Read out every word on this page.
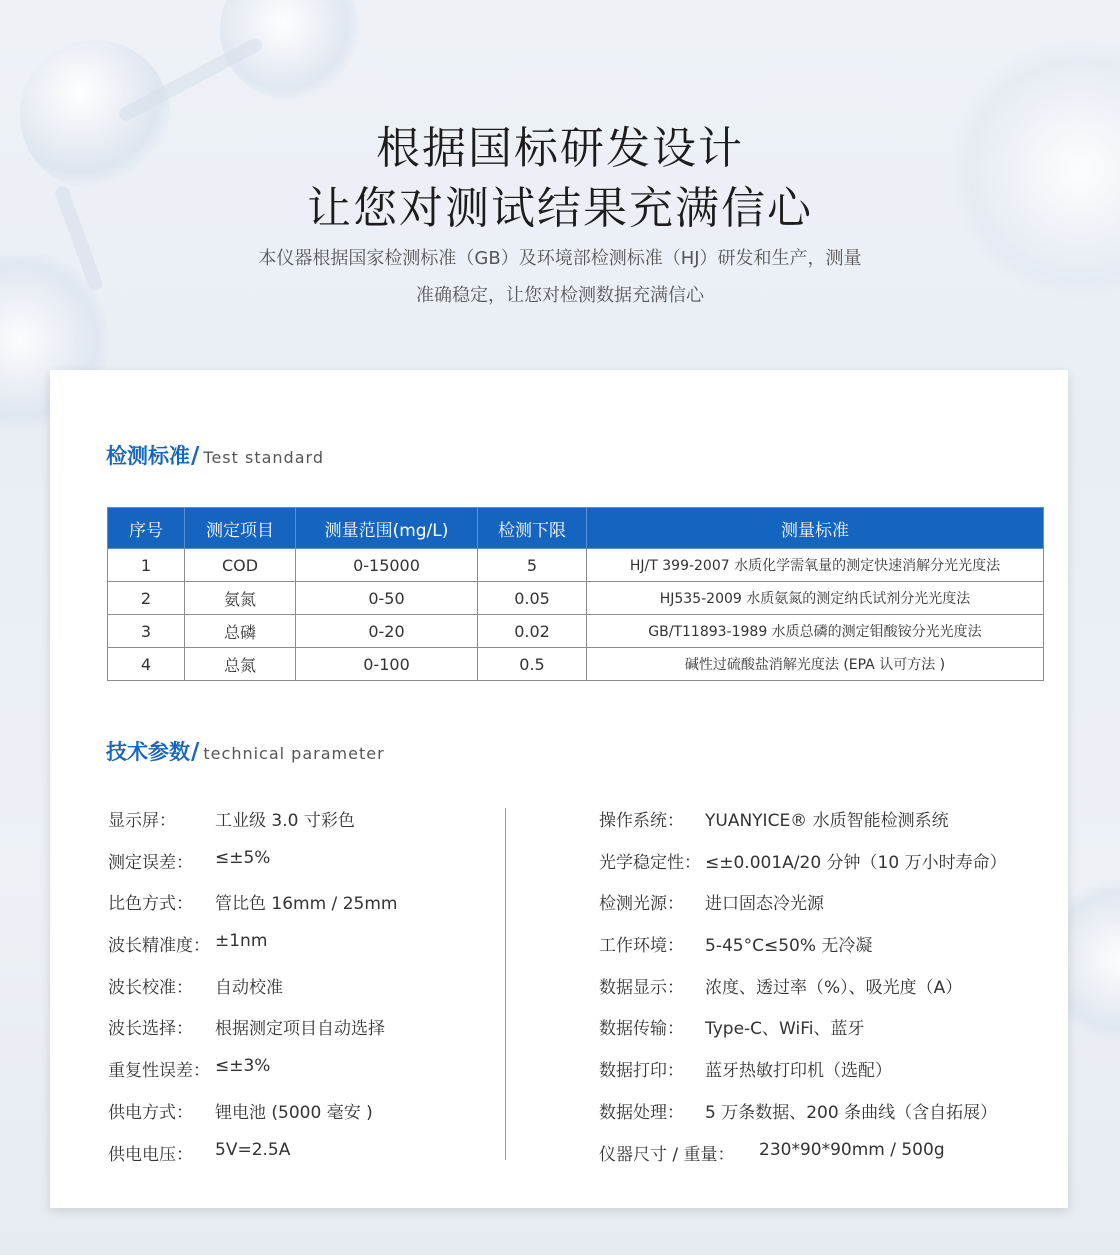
根据国标研发设计
让您对测试结果充满信心

本仪器根据国家检测标准（GB）及环境部检测标准（HJ）研发和生产，测量

准确稳定，让您对检测数据充满信心

检测标准 / Test standard
序号	测定项目	测量范围(mg/L)	检测下限	测量标准
1	COD	0-15000	5	HJ/T 399-2007 水质化学需氧量的测定快速消解分光光度法
2	氨氮	0-50	0.05	HJ535-2009 水质氨氮的测定纳氏试剂分光光度法
3	总磷	0-20	0.02	GB/T11893-1989 水质总磷的测定钼酸铵分光光度法
4	总氮	0-100	0.5	碱性过硫酸盐消解光度法 (EPA 认可方法 )
技术参数 / technical parameter
显示屏：	工业级 3.0 寸彩色
测定误差：	≤±5%
比色方式：	管比色 16mm / 25mm
波长精准度： ±1nm
波长校准：	自动校准
波长选择：	根据测定项目自动选择
重复性误差： ≤±3%
供电方式：	锂电池 (5000 毫安 )
供电电压：	5V=2.5A
操作系统：	YUANYICE® 水质智能检测系统
光学稳定性： ≤±0.001A/20 分钟（10 万小时寿命）
检测光源：	进口固态冷光源
工作环境：	5-45°C≤50% 无冷凝
数据显示：	浓度、透过率（%）、吸光度（A）
数据传输：	Type-C、WiFi、蓝牙
数据打印：	蓝牙热敏打印机（选配）
数据处理：	5 万条数据、200 条曲线（含自拓展）
仪器尺寸 / 重量：	230*90*90mm / 500g
